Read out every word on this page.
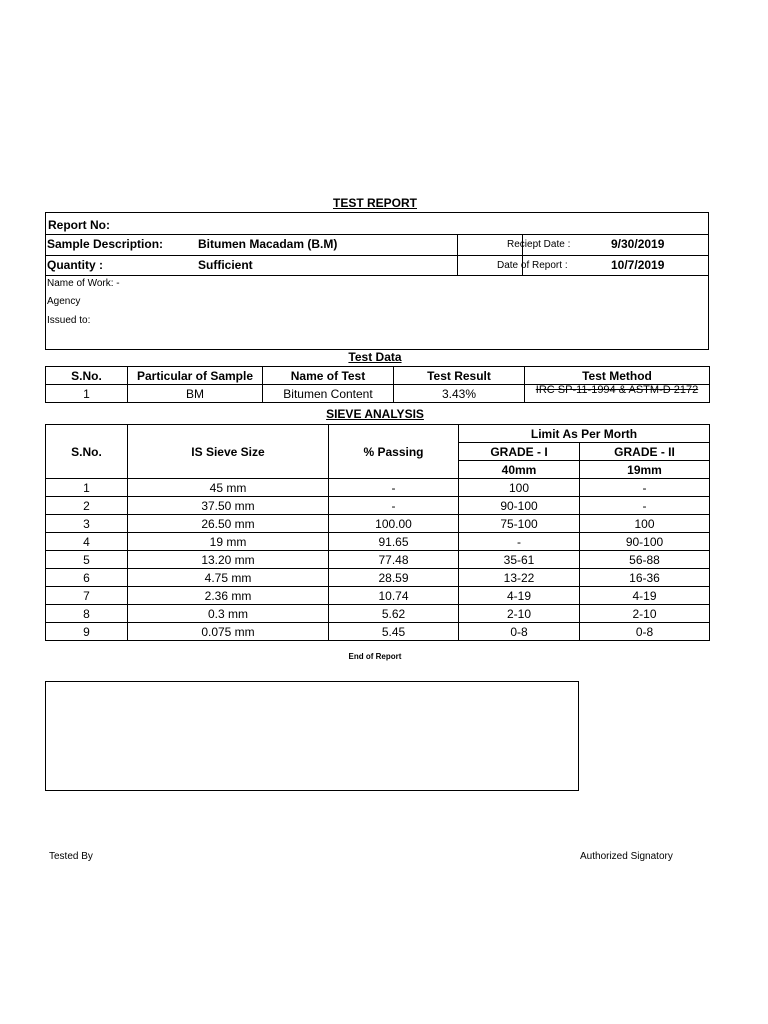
TEST REPORT
Report No:
Sample Description:	Bitumen Macadam (B.M)	Reciept Date :	9/30/2019
Quantity :	Sufficient	Date of Report :	10/7/2019
Name of Work: -
Agency
Issued to:
Test Data
S.No.	Particular of Sample	Name of Test	Test Result	Test Method
1	BM	Bitumen Content	3.43%	IRC SP-11-1994 & ASTM-D 2172
SIEVE ANALYSIS
S.No.	IS Sieve Size	% Passing	Limit As Per Morth	
			GRADE - I	GRADE - II
			40mm	19mm
1	45 mm	-	100	-
2	37.50 mm	-	90-100	-
3	26.50 mm	100.00	75-100	100
4	19 mm	91.65	-	90-100
5	13.20 mm	77.48	35-61	56-88
6	4.75 mm	28.59	13-22	16-36
7	2.36 mm	10.74	4-19	4-19
8	0.3 mm	5.62	2-10	2-10
9	0.075 mm	5.45	0-8	0-8
End of Report
Tested By	Authorized Signatory
